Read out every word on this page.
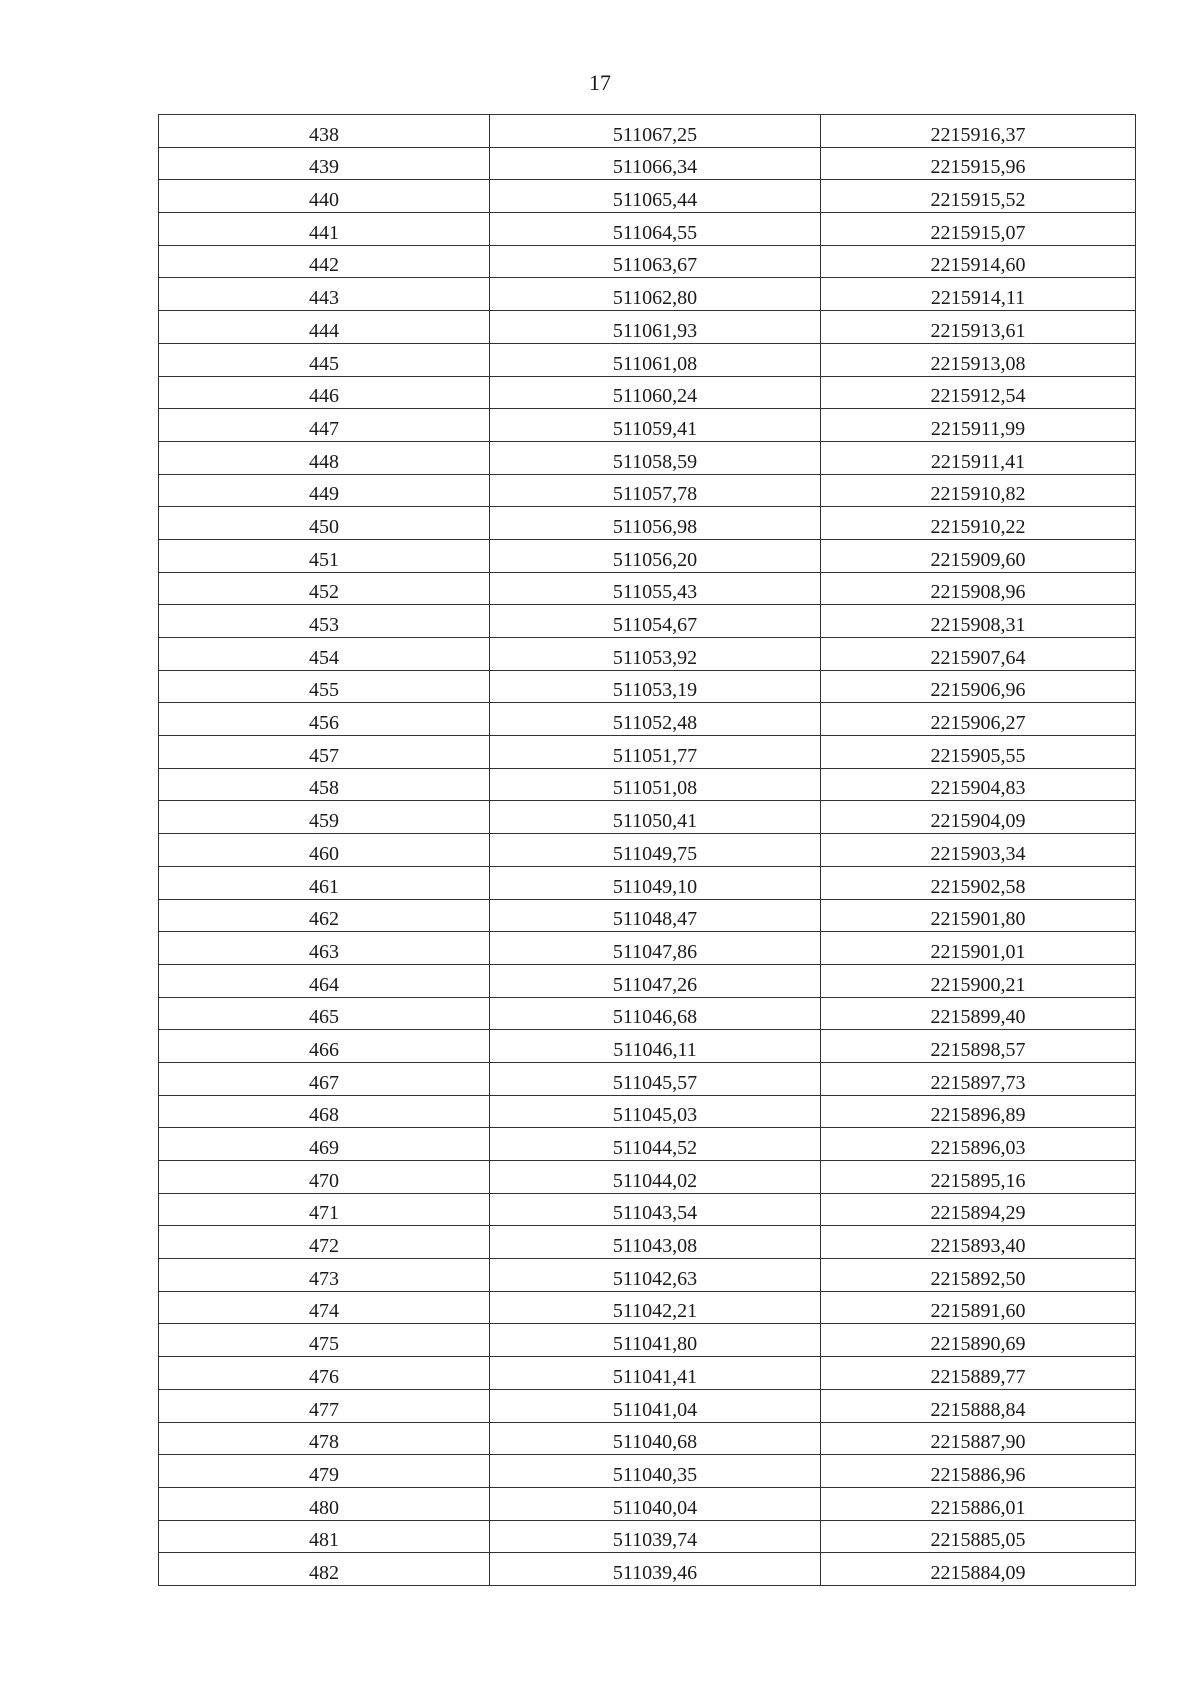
17
438	511067,25	2215916,37
439	511066,34	2215915,96
440	511065,44	2215915,52
441	511064,55	2215915,07
442	511063,67	2215914,60
443	511062,80	2215914,11
444	511061,93	2215913,61
445	511061,08	2215913,08
446	511060,24	2215912,54
447	511059,41	2215911,99
448	511058,59	2215911,41
449	511057,78	2215910,82
450	511056,98	2215910,22
451	511056,20	2215909,60
452	511055,43	2215908,96
453	511054,67	2215908,31
454	511053,92	2215907,64
455	511053,19	2215906,96
456	511052,48	2215906,27
457	511051,77	2215905,55
458	511051,08	2215904,83
459	511050,41	2215904,09
460	511049,75	2215903,34
461	511049,10	2215902,58
462	511048,47	2215901,80
463	511047,86	2215901,01
464	511047,26	2215900,21
465	511046,68	2215899,40
466	511046,11	2215898,57
467	511045,57	2215897,73
468	511045,03	2215896,89
469	511044,52	2215896,03
470	511044,02	2215895,16
471	511043,54	2215894,29
472	511043,08	2215893,40
473	511042,63	2215892,50
474	511042,21	2215891,60
475	511041,80	2215890,69
476	511041,41	2215889,77
477	511041,04	2215888,84
478	511040,68	2215887,90
479	511040,35	2215886,96
480	511040,04	2215886,01
481	511039,74	2215885,05
482	511039,46	2215884,09
